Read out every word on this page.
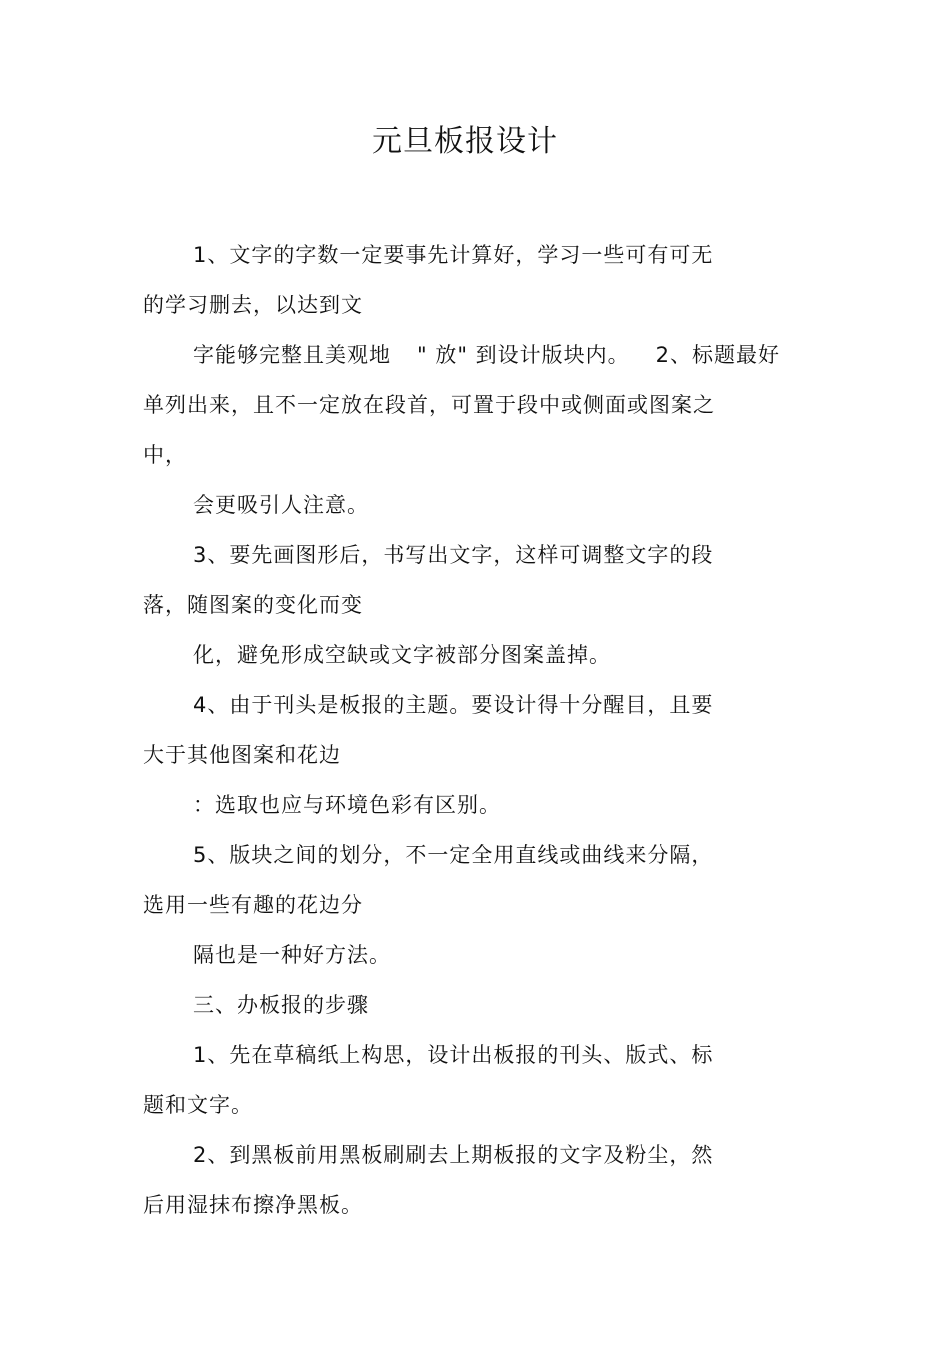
元旦板报设计
1、文字的字数一定要事先计算好，学习一些可有可无
的学习删去，以达到文
字能够完整且美观地 " 放" 到设计版块内。 2、标题最好
单列出来，且不一定放在段首，可置于段中或侧面或图案之
中，
会更吸引人注意。
3、要先画图形后，书写出文字，这样可调整文字的段
落，随图案的变化而变
化，避免形成空缺或文字被部分图案盖掉。
4、由于刊头是板报的主题。要设计得十分醒目，且要
大于其他图案和花边
：选取也应与环境色彩有区别。
5、版块之间的划分，不一定全用直线或曲线来分隔，
选用一些有趣的花边分
隔也是一种好方法。
三、办板报的步骤
1、先在草稿纸上构思，设计出板报的刊头、版式、标
题和文字。
2、到黑板前用黑板刷刷去上期板报的文字及粉尘，然
后用湿抹布擦净黑板。
